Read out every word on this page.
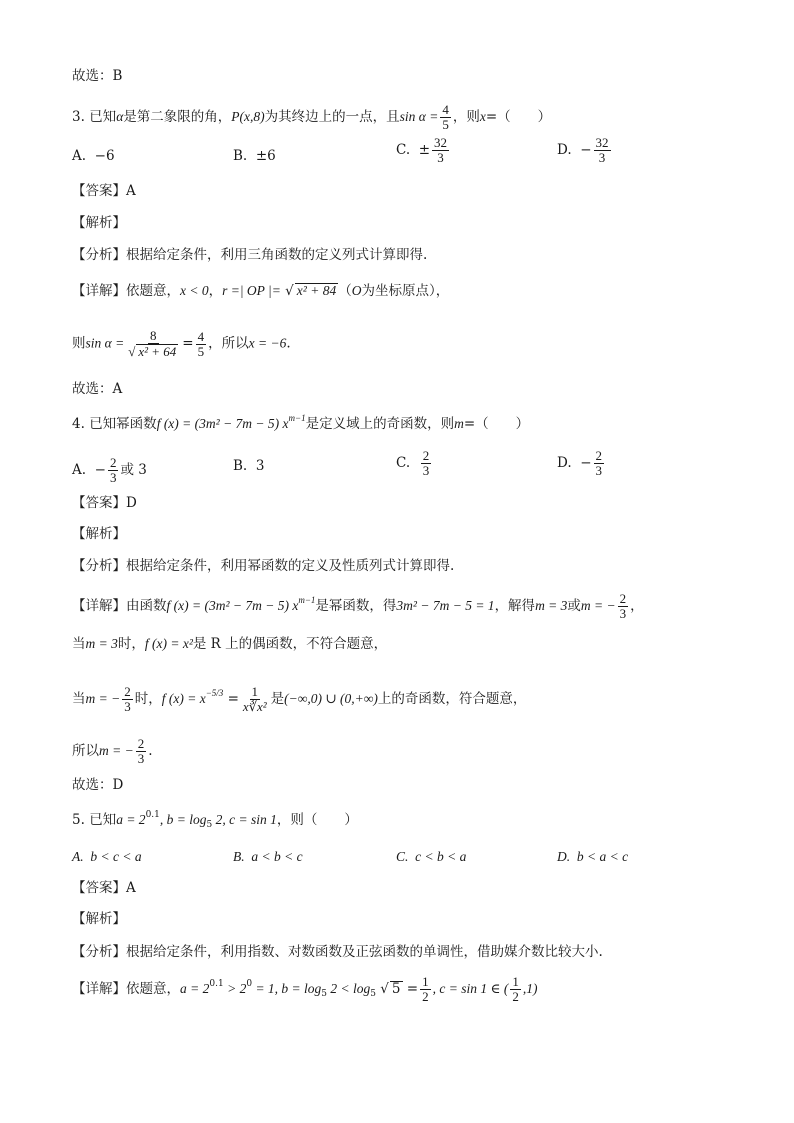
故选：B
3. 已知α是第二象限的角，P(x,8)为其终边上的一点，且$\sin \alpha = \frac{4}{5}$ ，则x=（　　）
A. −6	B. ±6	C. ± $\frac{32}{3}$	D. − $\frac{32}{3}$
【答案】A
【解析】
【分析】根据给定条件，利用三角函数的定义列式计算即得.
【详解】依题意，x < 0，r =| OP |= √ x² + 84 （O为坐标原点），
则$\sin \alpha = \frac{8}{\text{√ x² + 64}} = \frac{4}{5}$ ，所以x = −6.
故选：A
4. 已知幂函数f (x) = (3m² − 7m − 5) $x^{m-1}$是定义域上的奇函数，则m=（　　）
A. − $\frac{2}{3}$ 或 3	B. 3	C. $\frac{2}{3}$	D. − $\frac{2}{3}$
【答案】D
【解析】
【分析】根据给定条件，利用幂函数的定义及性质列式计算即得.
【详解】由函数f (x) = (3m² − 7m − 5) $x^{m-1}$是幂函数，得3m² − 7m − 5 = 1，解得m = 3或m = − $\frac{2}{3}$ ，
当m = 3时，f (x) = x²是 R 上的偶函数，不符合题意，
当m = − $\frac{2}{3}$ 时，f $(x) = x^{-5/3} = \frac{1}{\text{x∛x²}}$ 是(−∞,0) ∪ (0,+∞)上的奇函数，符合题意，
所以m = − $\frac{2}{3}$ .
故选：D
5. 已知$a = 2^{0.1}$, $b = \log_5 2$, c = sin 1，则（　　）
A. b < c < a	B. a < b < c	C. c < b < a	D. b < a < c
【答案】A
【解析】
【分析】根据给定条件，利用指数、对数函数及正弦函数的单调性，借助媒介数比较大小.
【详解】依题意，$a = 2^{0.1} > 2^0 = 1$, $b = \log_5 2 < \log_5$ √ $5 = \frac{1}{2}$ , c = sin 1 ∈ ( $\frac{1}{2} ,1$)
